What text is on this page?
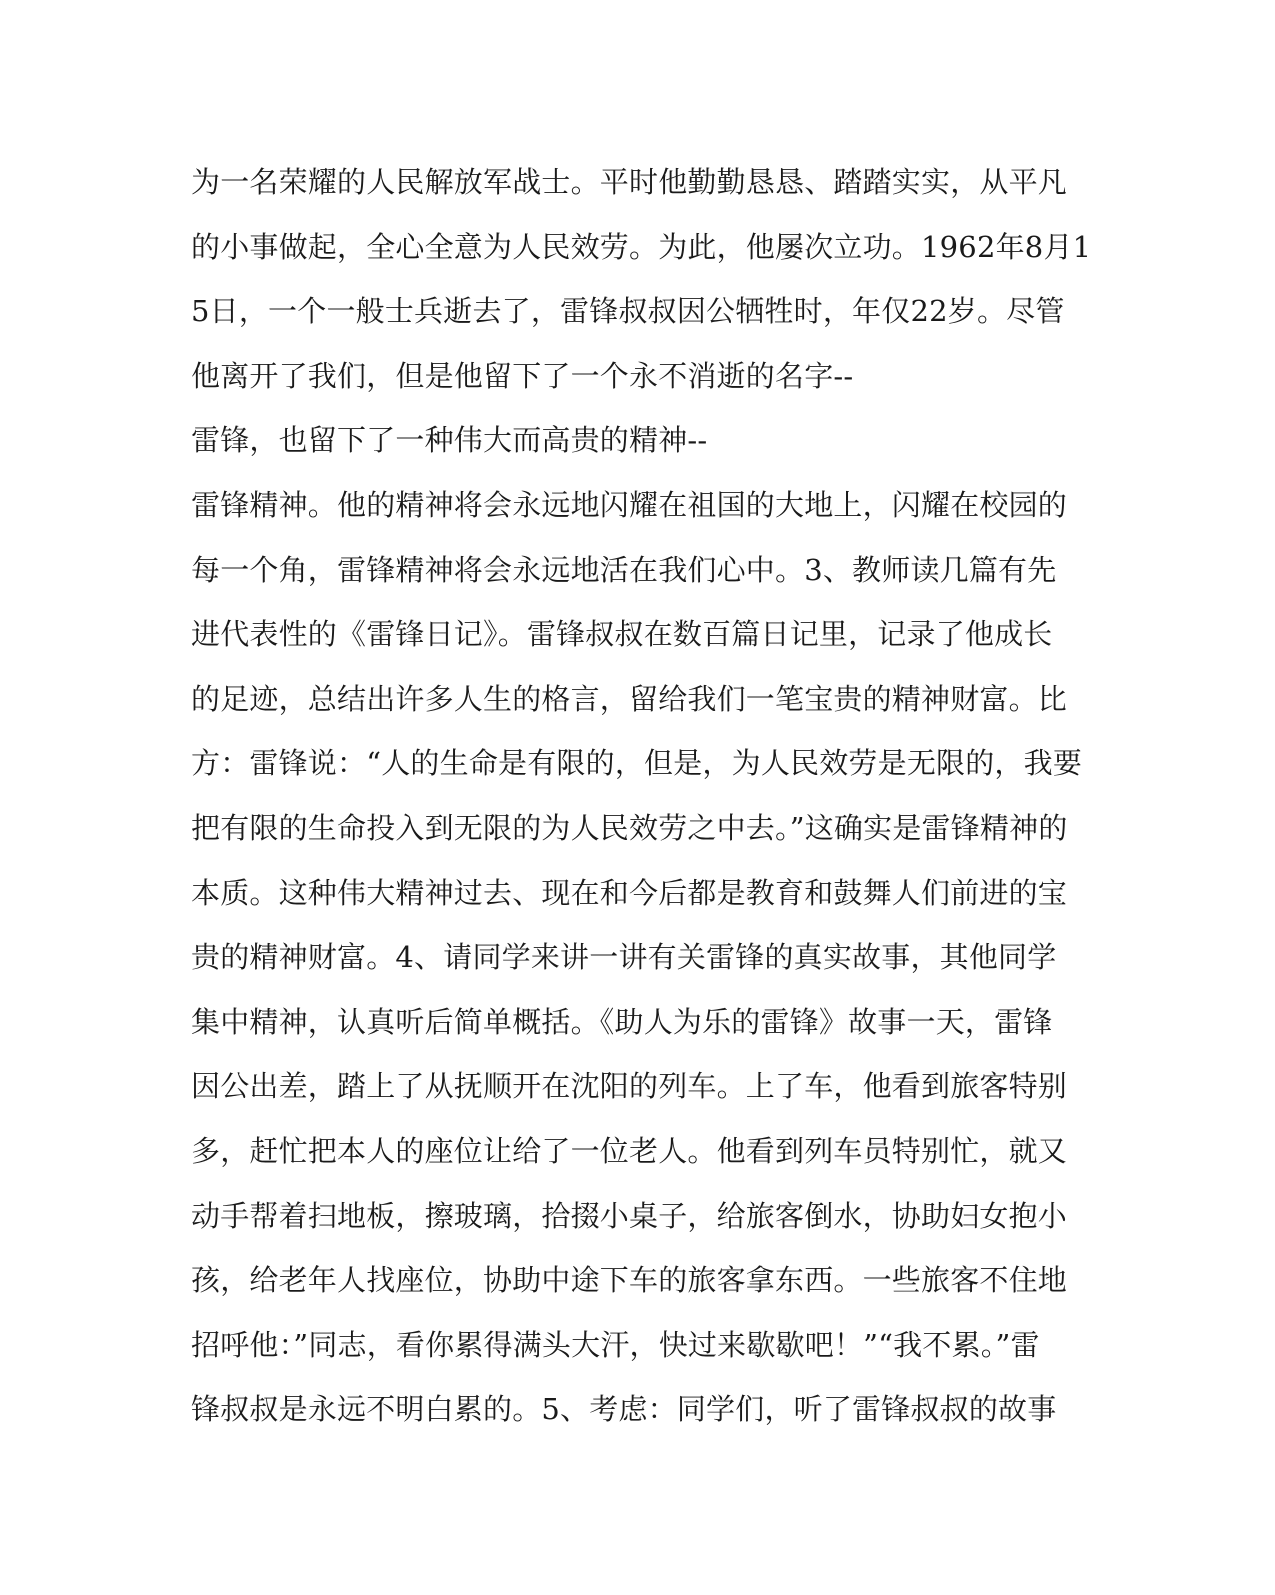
为一名荣耀的人民解放军战士。平时他勤勤恳恳、踏踏实实，从平凡
的小事做起，全心全意为人民效劳。为此，他屡次立功。1962年8月1
5日，一个一般士兵逝去了，雷锋叔叔因公牺牲时，年仅22岁。尽管
他离开了我们，但是他留下了一个永不消逝的名字--
雷锋，也留下了一种伟大而高贵的精神--
雷锋精神。他的精神将会永远地闪耀在祖国的大地上，闪耀在校园的
每一个角，雷锋精神将会永远地活在我们心中。3、教师读几篇有先
进代表性的《雷锋日记》。雷锋叔叔在数百篇日记里，记录了他成长
的足迹，总结出许多人生的格言，留给我们一笔宝贵的精神财富。比
方：雷锋说：“人的生命是有限的，但是，为人民效劳是无限的，我要
把有限的生命投入到无限的为人民效劳之中去。”这确实是雷锋精神的
本质。这种伟大精神过去、现在和今后都是教育和鼓舞人们前进的宝
贵的精神财富。4、请同学来讲一讲有关雷锋的真实故事，其他同学
集中精神，认真听后简单概括。《助人为乐的雷锋》故事一天，雷锋
因公出差，踏上了从抚顺开在沈阳的列车。上了车，他看到旅客特别
多，赶忙把本人的座位让给了一位老人。他看到列车员特别忙，就又
动手帮着扫地板，擦玻璃，拾掇小桌子，给旅客倒水，协助妇女抱小
孩，给老年人找座位，协助中途下车的旅客拿东西。一些旅客不住地
招呼他：”同志，看你累得满头大汗，快过来歇歇吧！”“我不累。”雷
锋叔叔是永远不明白累的。5、考虑：同学们，听了雷锋叔叔的故事
